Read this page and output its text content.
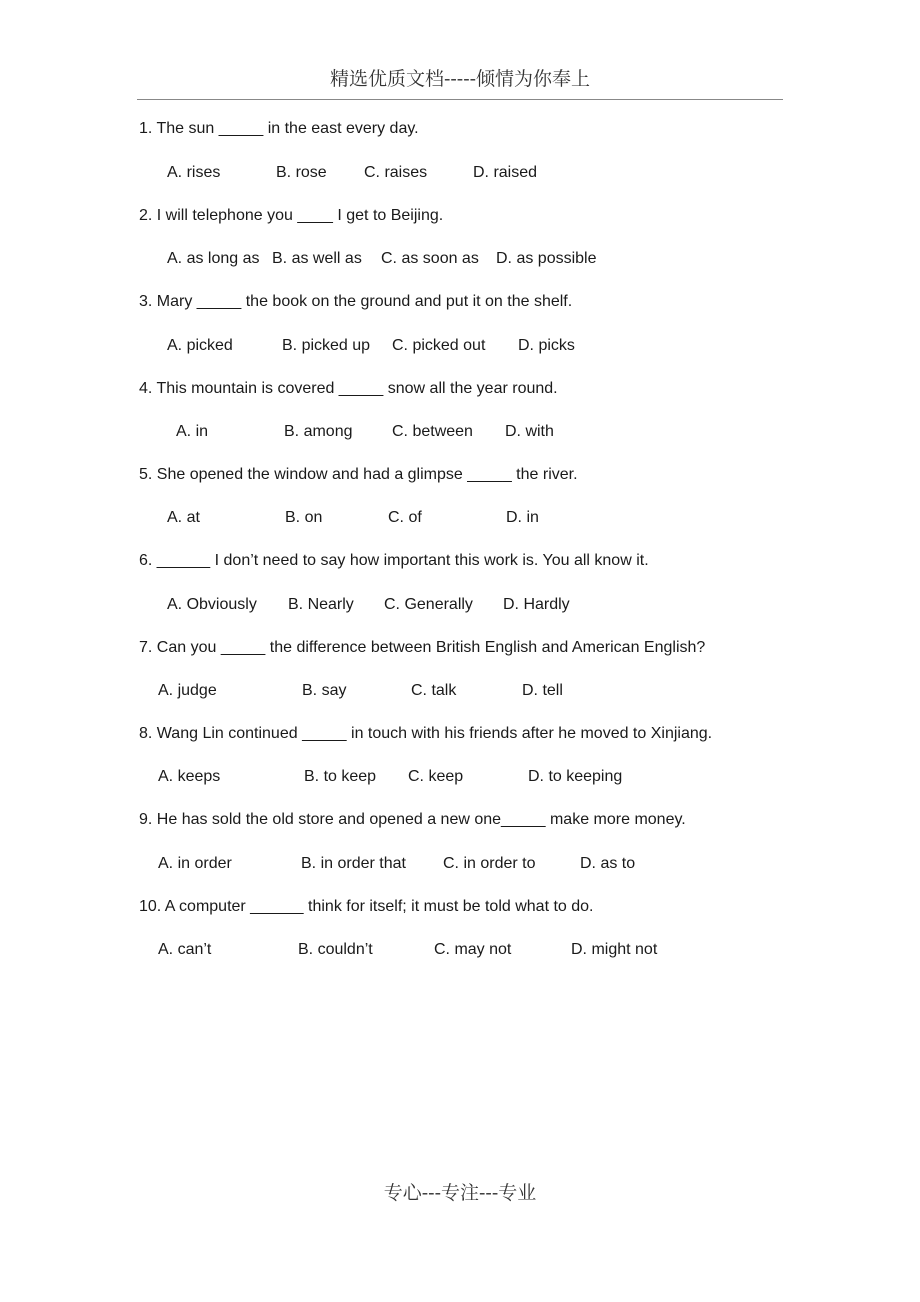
精选优质文档-----倾情为你奉上
1. The sun _____ in the east every day.
A. rises	B. rose C. raises	D. raised
2. I will telephone you ____ I get to Beijing.
A. as long as B. as well as C. as soon as D. as possible
3. Mary _____ the book on the ground and put it on the shelf.
A. picked	B. picked up C. picked out D. picks
4. This mountain is covered _____ snow all the year round.
A. in	B. among C. between D. with
5. She opened the window and had a glimpse _____ the river.
A. at	B. on	C. of	D. in
6. ______ I don’t need to say how important this work is. You all know it.
A. Obviously B. Nearly C. Generally D. Hardly
7. Can you _____ the difference between British English and American English?
A. judge	B. say	C. talk	D. tell
8. Wang Lin continued _____ in touch with his friends after he moved to Xinjiang.
A. keeps	B. to keep C. keep	D. to keeping
9. He has sold the old store and opened a new one_____ make more money.
A. in order	B. in order that C. in order to	D. as to
10. A computer ______ think for itself; it must be told what to do.
A. can’t	B. couldn’t	C. may not	D. might not
专心---专注---专业
